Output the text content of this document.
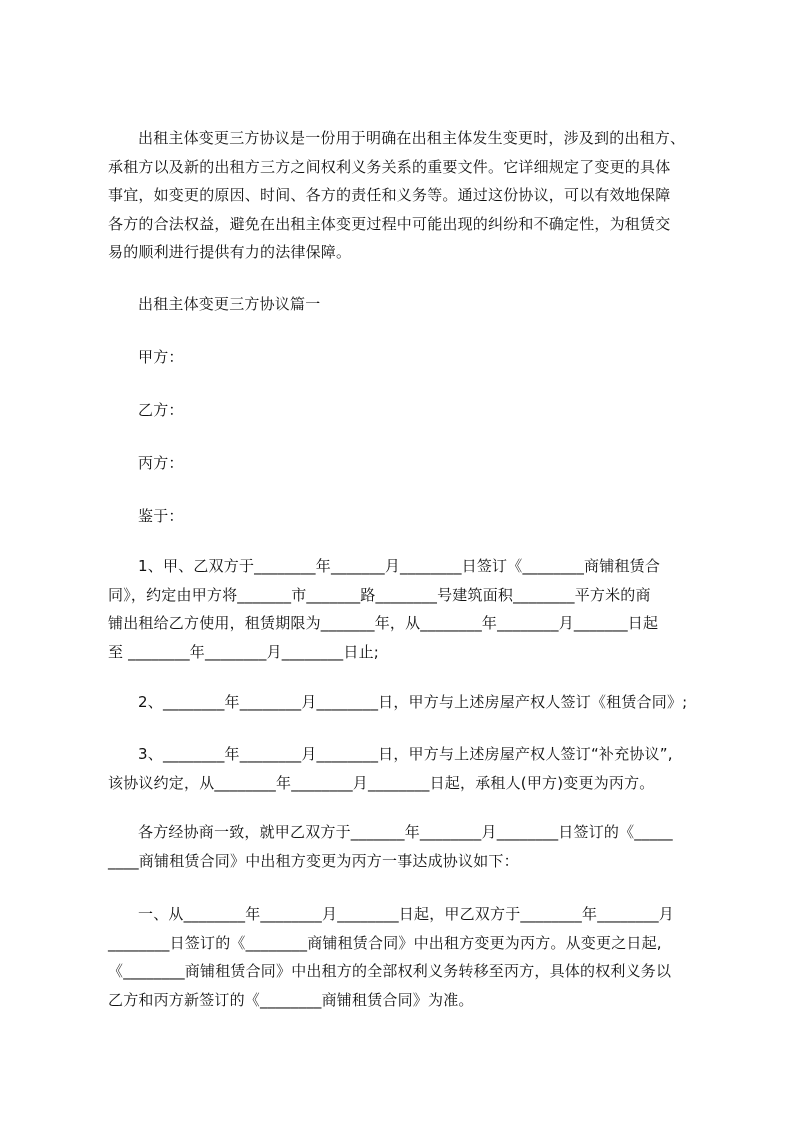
出租主体变更三方协议是一份用于明确在出租主体发生变更时，涉及到的出租方、
承租方以及新的出租方三方之间权利义务关系的重要文件。它详细规定了变更的具体
事宜，如变更的原因、时间、各方的责任和义务等。通过这份协议，可以有效地保障
各方的合法权益，避免在出租主体变更过程中可能出现的纠纷和不确定性，为租赁交
易的顺利进行提供有力的法律保障。
出租主体变更三方协议篇一
甲方：
乙方：
丙方：
鉴于：
1、甲、乙双方于________年_______月________日签订《________商铺租赁合
同》，约定由甲方将_______市_______路________号建筑面积________平方米的商
铺出租给乙方使用，租赁期限为_______年，从________年________月_______日起
至 ________年________月________日止;
2、________年________月________日，甲方与上述房屋产权人签订《租赁合同》;
3、________年________月________日，甲方与上述房屋产权人签订“补充协议”,
该协议约定，从________年________月________日起，承租人(甲方)变更为丙方。
各方经协商一致，就甲乙双方于_______年________月________日签订的《_____
____商铺租赁合同》中出租方变更为丙方一事达成协议如下：
一、从________年________月________日起，甲乙双方于________年________月
________日签订的《________商铺租赁合同》中出租方变更为丙方。从变更之日起,
《________商铺租赁合同》中出租方的全部权利义务转移至丙方，具体的权利义务以
乙方和丙方新签订的《________商铺租赁合同》为准。
